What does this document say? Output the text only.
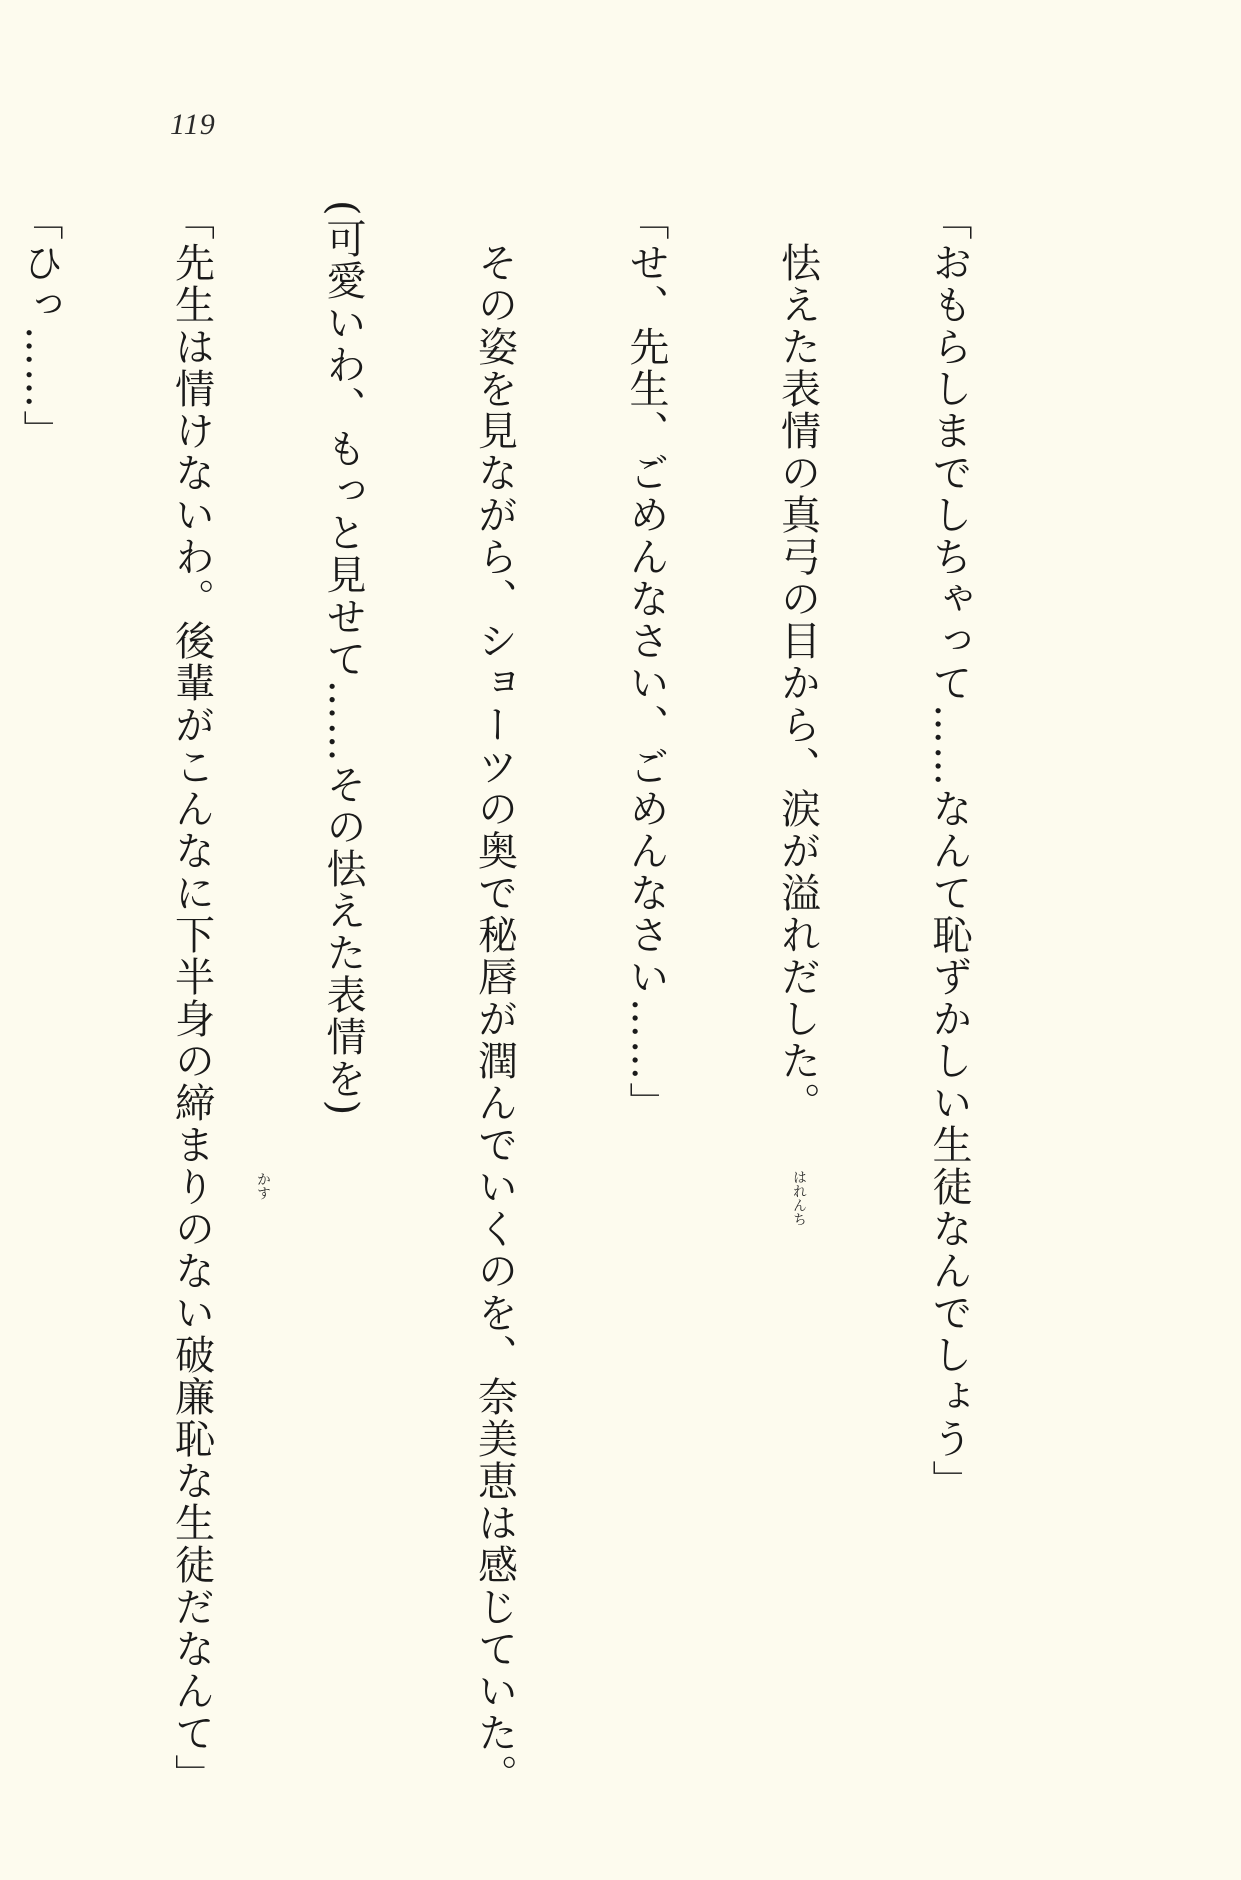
119

「おもらしまでしちゃって……なんて恥ずかしい生徒なんでしょう」

　怯えた表情の真弓の目から、涙が溢れだした。

「せ、先生、ごめんなさい、ごめんなさい……」

　その姿を見ながら、ショーツの奥で秘唇が潤んでいくのを、奈美恵は感じていた。

(可愛いわ、もっと見せて……その怯えた表情を)

「先生は情けないわ。後輩がこんなに下半身の締まりのない破廉恥な生徒だなんて」

「ひっ……」

はれんち
かす
